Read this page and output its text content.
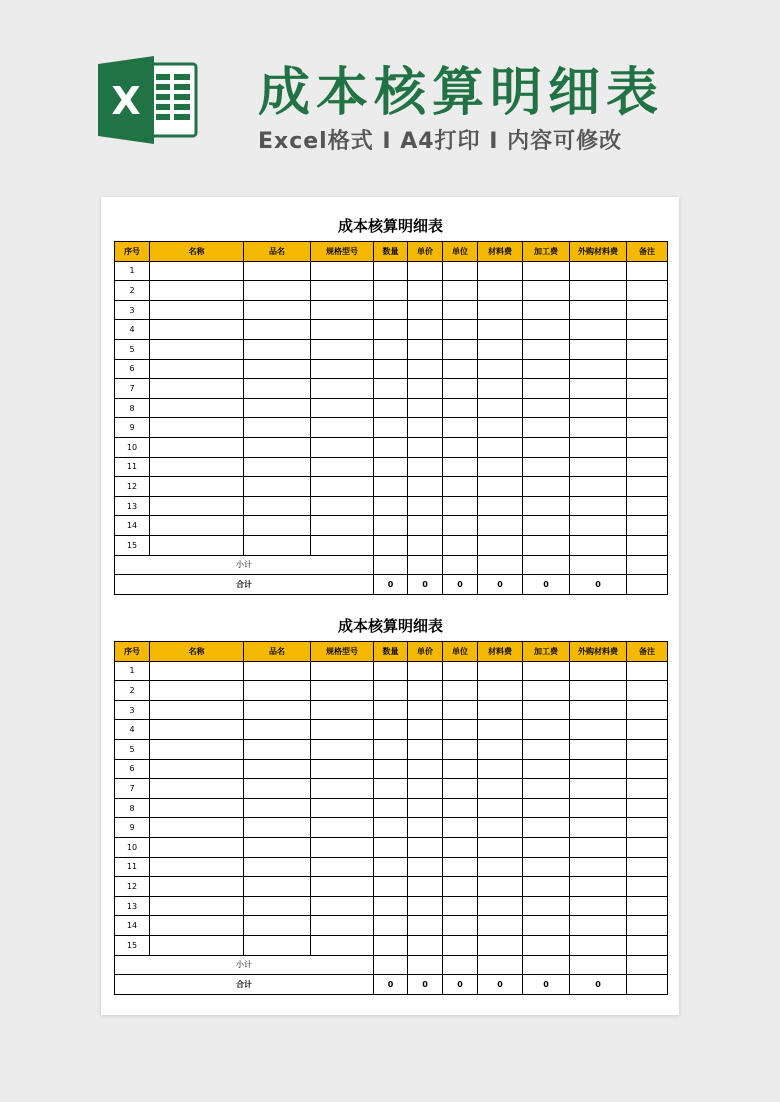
X 成本核算明细表
Excel格式 I A4打印 I 内容可修改
成本核算明细表
序号	名称	品名	规格型号	数量	单价	单位	材料费	加工费	外购材料费	备注
1										
2										
3										
4										
5										
6										
7										
8										
9										
10										
11										
12										
13										
14										
15										
小计										
合计				0	0	0	0	0	0	
成本核算明细表
序号	名称	品名	规格型号	数量	单价	单位	材料费	加工费	外购材料费	备注
1										
2										
3										
4										
5										
6										
7										
8										
9										
10										
11										
12										
13										
14										
15										
小计										
合计				0	0	0	0	0	0	
